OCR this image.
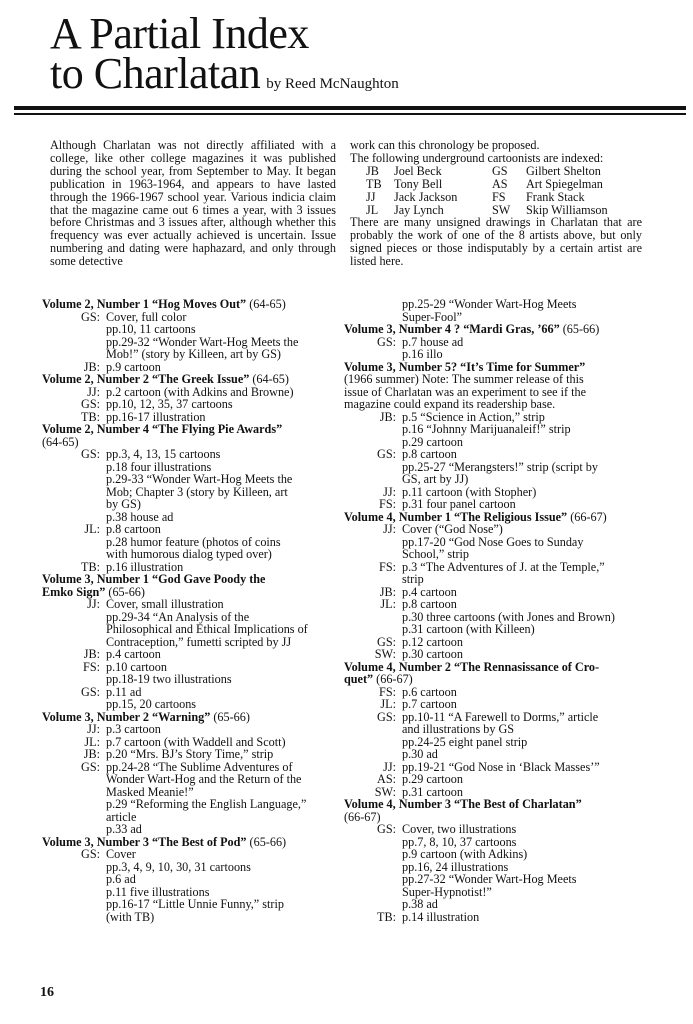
A Partial Index
to Charlatan by Reed McNaughton

Although Charlatan was not directly affiliated with a college, like other college magazines it was published during the school year, from September to May. It began publication in 1963-1964, and appears to have lasted through the 1966-1967 school year. Various indicia claim that the magazine came out 6 times a year, with 3 issues before Christmas and 3 issues after, although whether this frequency was ever actually achieved is uncertain. Issue numbering and dating were haphazard, and only through some detective

work can this chronology be proposed.

The following underground cartoonists are indexed:

JB	Joel Beck	GS	Gilbert Shelton
TB	Tony Bell	AS	Art Spiegelman
JJ	Jack Jackson	FS	Frank Stack
JL	Jay Lynch	SW	Skip Williamson

There are many unsigned drawings in Charlatan that are probably the work of one of the 8 artists above, but only signed pieces or those indisputably by a certain artist are listed here.

Volume 2, Number 1 “Hog Moves Out” (64-65)
GS: Cover, full color
pp.10, 11 cartoons
pp.29-32 “Wonder Wart-Hog Meets the
Mob!” (story by Killeen, art by GS)
JB: p.9 cartoon
Volume 2, Number 2 “The Greek Issue” (64-65)
JJ: p.2 cartoon (with Adkins and Browne)
GS: pp.10, 12, 35, 37 cartoons
TB: pp.16-17 illustration
Volume 2, Number 4 “The Flying Pie Awards”
(64-65)
GS: pp.3, 4, 13, 15 cartoons
p.18 four illustrations
p.29-33 “Wonder Wart-Hog Meets the
Mob; Chapter 3 (story by Killeen, art
by GS)
p.38 house ad
JL: p.8 cartoon
p.28 humor feature (photos of coins
with humorous dialog typed over)
TB: p.16 illustration
Volume 3, Number 1 “God Gave Poody the
Emko Sign” (65-66)
JJ: Cover, small illustration
pp.29-34 “An Analysis of the
Philosophical and Ethical Implications of
Contraception,” fumetti scripted by JJ
JB: p.4 cartoon
FS: p.10 cartoon
pp.18-19 two illustrations
GS: p.11 ad
pp.15, 20 cartoons
Volume 3, Number 2 “Warning” (65-66)
JJ: p.3 cartoon
JL: p.7 cartoon (with Waddell and Scott)
JB: p.20 “Mrs. BJ’s Story Time,” strip
GS: pp.24-28 “The Sublime Adventures of
Wonder Wart-Hog and the Return of the
Masked Meanie!”
p.29 “Reforming the English Language,”
article
p.33 ad
Volume 3, Number 3 “The Best of Pod” (65-66)
GS: Cover
pp.3, 4, 9, 10, 30, 31 cartoons
p.6 ad
p.11 five illustrations
pp.16-17 “Little Unnie Funny,” strip
(with TB)
pp.25-29 “Wonder Wart-Hog Meets
Super-Fool”
Volume 3, Number 4 ? “Mardi Gras, ’66” (65-66)
GS: p.7 house ad
p.16 illo
Volume 3, Number 5? “It’s Time for Summer”
(1966 summer) Note: The summer release of this
issue of Charlatan was an experiment to see if the
magazine could expand its readership base.
JB: p.5 “Science in Action,” strip
p.16 “Johnny Marijuanaleif!” strip
p.29 cartoon
GS: p.8 cartoon
pp.25-27 “Merangsters!” strip (script by
GS, art by JJ)
JJ: p.11 cartoon (with Stopher)
FS: p.31 four panel cartoon
Volume 4, Number 1 “The Religious Issue” (66-67)
JJ: Cover (“God Nose”)
pp.17-20 “God Nose Goes to Sunday
School,” strip
FS: p.3 “The Adventures of J. at the Temple,”
strip
JB: p.4 cartoon
JL: p.8 cartoon
p.30 three cartoons (with Jones and Brown)
p.31 cartoon (with Killeen)
GS: p.12 cartoon
SW: p.30 cartoon
Volume 4, Number 2 “The Rennasissance of Cro-
quet” (66-67)
FS: p.6 cartoon
JL: p.7 cartoon
GS: pp.10-11 “A Farewell to Dorms,” article
and illustrations by GS
pp.24-25 eight panel strip
p.30 ad
JJ: pp.19-21 “God Nose in ‘Black Masses’”
AS: p.29 cartoon
SW: p.31 cartoon
Volume 4, Number 3 “The Best of Charlatan”
(66-67)
GS: Cover, two illustrations
pp.7, 8, 10, 37 cartoons
p.9 cartoon (with Adkins)
pp.16, 24 illustrations
pp.27-32 “Wonder Wart-Hog Meets
Super-Hypnotist!”
p.38 ad
TB: p.14 illustration
16
